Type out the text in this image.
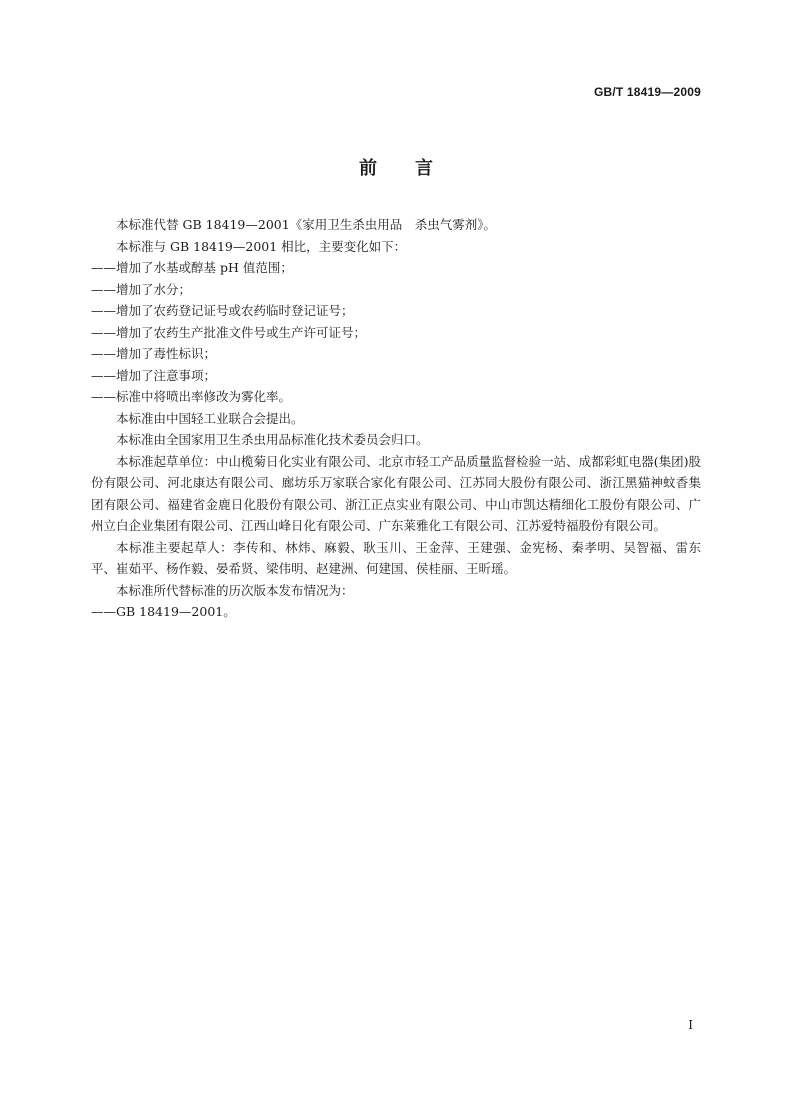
GB/T 18419—2009
前言

本标准代替 GB 18419—2001《家用卫生杀虫用品　杀虫气雾剂》。

本标准与 GB 18419—2001 相比，主要变化如下：

——增加了水基或醇基 pH 值范围；

——增加了水分；

——增加了农药登记证号或农药临时登记证号；

——增加了农药生产批准文件号或生产许可证号；

——增加了毒性标识；

——增加了注意事项；

——标准中将喷出率修改为雾化率。

本标准由中国轻工业联合会提出。

本标准由全国家用卫生杀虫用品标准化技术委员会归口。

本标准起草单位：中山榄菊日化实业有限公司、北京市轻工产品质量监督检验一站、成都彩虹电器(集团)股份有限公司、河北康达有限公司、廊坊乐万家联合家化有限公司、江苏同大股份有限公司、浙江黑猫神蚊香集团有限公司、福建省金鹿日化股份有限公司、浙江正点实业有限公司、中山市凯达精细化工股份有限公司、广州立白企业集团有限公司、江西山峰日化有限公司、广东莱雅化工有限公司、江苏爱特福股份有限公司。

本标准主要起草人：李传和、林炜、麻毅、耿玉川、王金萍、王建强、金宪杨、秦孝明、吴智福、雷东平、崔茹平、杨作毅、晏希贤、梁伟明、赵建洲、何建国、侯桂丽、王昕瑶。

本标准所代替标准的历次版本发布情况为：

——GB 18419—2001。

I
